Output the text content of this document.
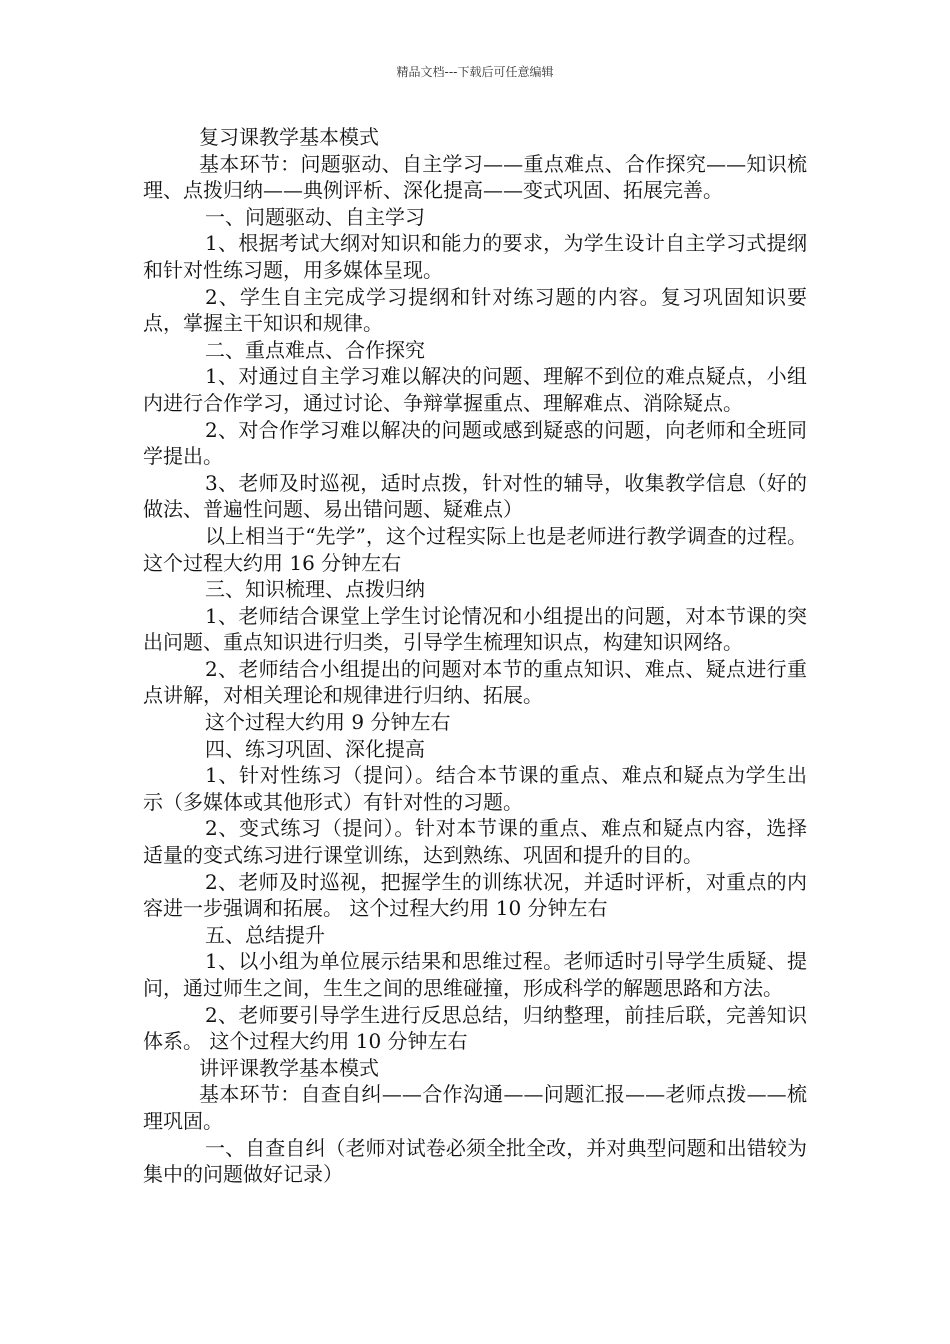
精品文档---下载后可任意编辑

复习课教学基本模式

基本环节：问题驱动、自主学习——重点难点、合作探究——知识梳理、点拨归纳——典例评析、深化提高——变式巩固、拓展完善。

一、问题驱动、自主学习

1、根据考试大纲对知识和能力的要求，为学生设计自主学习式提纲和针对性练习题，用多媒体呈现。

2、学生自主完成学习提纲和针对练习题的内容。复习巩固知识要点，掌握主干知识和规律。

二、重点难点、合作探究

1、对通过自主学习难以解决的问题、理解不到位的难点疑点，小组内进行合作学习，通过讨论、争辩掌握重点、理解难点、消除疑点。

2、对合作学习难以解决的问题或感到疑惑的问题，向老师和全班同学提出。

3、老师及时巡视，适时点拨，针对性的辅导，收集教学信息（好的做法、普遍性问题、易出错问题、疑难点）

以上相当于“先学”，这个过程实际上也是老师进行教学调查的过程。这个过程大约用 16 分钟左右

三、知识梳理、点拨归纳

1、老师结合课堂上学生讨论情况和小组提出的问题，对本节课的突出问题、重点知识进行归类，引导学生梳理知识点，构建知识网络。

2、老师结合小组提出的问题对本节的重点知识、难点、疑点进行重点讲解，对相关理论和规律进行归纳、拓展。

这个过程大约用 9 分钟左右

四、练习巩固、深化提高

1、针对性练习（提问）。结合本节课的重点、难点和疑点为学生出示（多媒体或其他形式）有针对性的习题。

2、变式练习（提问）。针对本节课的重点、难点和疑点内容，选择适量的变式练习进行课堂训练，达到熟练、巩固和提升的目的。

2、老师及时巡视，把握学生的训练状况，并适时评析，对重点的内容进一步强调和拓展。 这个过程大约用 10 分钟左右

五、总结提升

1、以小组为单位展示结果和思维过程。老师适时引导学生质疑、提问，通过师生之间，生生之间的思维碰撞，形成科学的解题思路和方法。

2、老师要引导学生进行反思总结，归纳整理，前挂后联，完善知识体系。 这个过程大约用 10 分钟左右

讲评课教学基本模式

基本环节：自查自纠——合作沟通——问题汇报——老师点拨——梳理巩固。

一、自查自纠（老师对试卷必须全批全改，并对典型问题和出错较为集中的问题做好记录）
